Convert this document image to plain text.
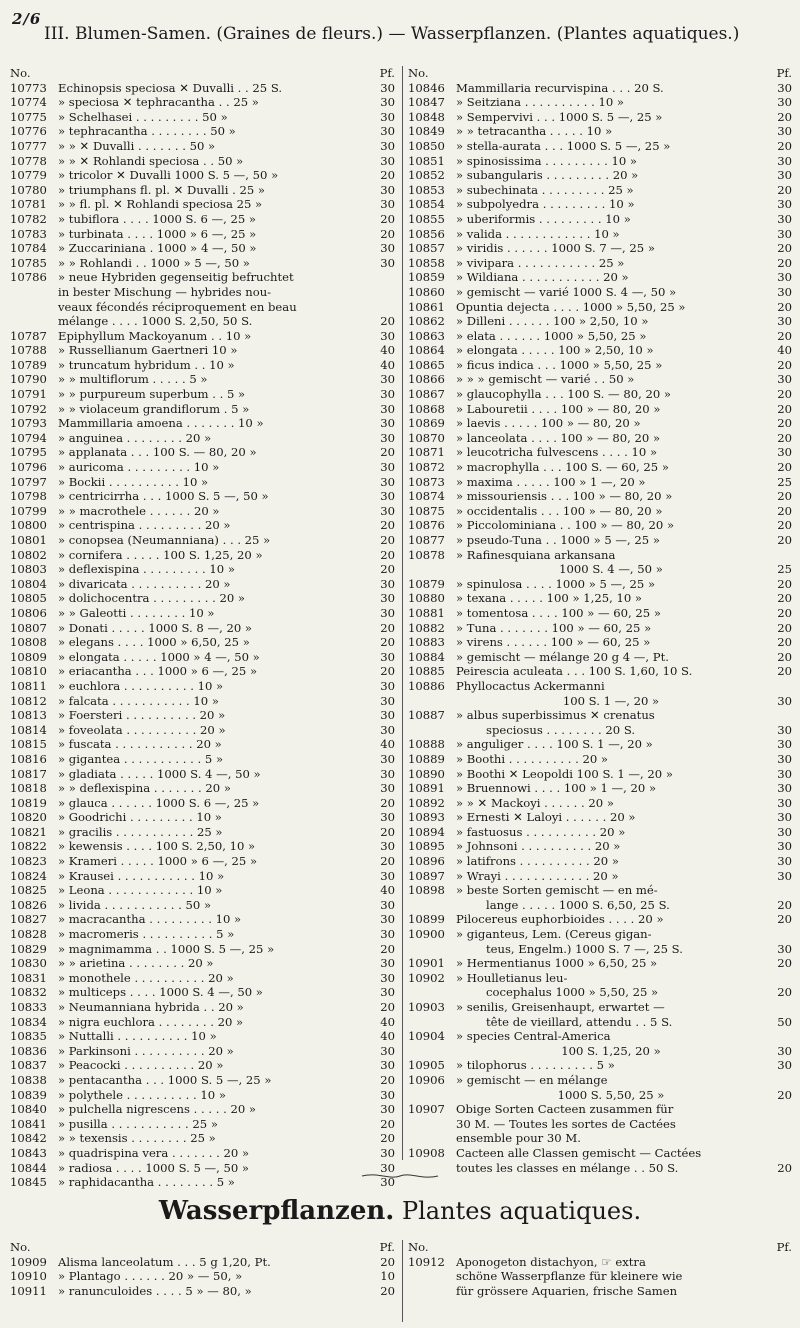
2/6
III. Blumen-Samen. (Graines de fleurs.) — Wasserpflanzen. (Plantes aquatiques.)
No.	Pf.
10773 Echinopsis speciosa ✕ Duvalli . . 25 S.	30
10774 » speciosa ✕ tephracantha . . 25 »	30
10775 » Schelhasei . . . . . . . . . 50 »	30
10776 » tephracantha . . . . . . . . 50 »	30
10777 » » ✕ Duvalli . . . . . . . 50 »	30
10778 » » ✕ Rohlandi speciosa . . 50 »	30
10779 » tricolor ✕ Duvalli 1000 S. 5 —, 50 »	20
10780 » triumphans fl. pl. ✕ Duvalli . 25 »	30
10781 » » fl. pl. ✕ Rohlandi speciosa 25 »	30
10782 » tubiflora . . . . 1000 S. 6 —, 25 »	20
10783 » turbinata . . . . 1000 » 6 —, 25 »	20
10784 » Zuccariniana . 1000 » 4 —, 50 »	30
10785 » » Rohlandi . . 1000 » 5 —, 50 »	30
10786 » neue Hybriden gegenseitig befruchtet
in bester Mischung — hybrides nou-
veaux fécondés réciproquement en beau
mélange . . . . 1000 S. 2,50, 50 S.	20
10787 Epiphyllum Mackoyanum . . 10 »	30
10788 » Russellianum Gaertneri 10 »	40
10789 » truncatum hybridum . . 10 »	40
10790 » » multiflorum . . . . . 5 »	30
10791 » » purpureum superbum . . 5 »	30
10792 » » violaceum grandiflorum . 5 »	30
10793 Mammillaria amoena . . . . . . . 10 »	30
10794 » anguinea . . . . . . . . 20 »	30
10795 » applanata . . . 100 S. — 80, 20 »	20
10796 » auricoma . . . . . . . . . 10 »	30
10797 » Bockii . . . . . . . . . . 10 »	30
10798 » centricirrha . . . 1000 S. 5 —, 50 »	30
10799 » » macrothele . . . . . . 20 »	30
10800 » centrispina . . . . . . . . . 20 »	20
10801 » conopsea (Neumanniana) . . . 25 »	20
10802 » cornifera . . . . . 100 S. 1,25, 20 »	20
10803 » deflexispina . . . . . . . . . 10 »	20
10804 » divaricata . . . . . . . . . . 20 »	30
10805 » dolichocentra . . . . . . . . . 20 »	30
10806 » » Galeotti . . . . . . . . 10 »	30
10807 » Donati . . . . . 1000 S. 8 —, 20 »	20
10808 » elegans . . . . 1000 » 6,50, 25 »	20
10809 » elongata . . . . . 1000 » 4 —, 50 »	30
10810 » eriacantha . . . 1000 » 6 —, 25 »	20
10811 » euchlora . . . . . . . . . . 10 »	30
10812 » falcata . . . . . . . . . . . 10 »	30
10813 » Foersteri . . . . . . . . . . 20 »	30
10814 » foveolata . . . . . . . . . . 20 »	30
10815 » fuscata . . . . . . . . . . . 20 »	40
10816 » gigantea . . . . . . . . . . . 5 »	30
10817 » gladiata . . . . . 1000 S. 4 —, 50 »	30
10818 » » deflexispina . . . . . . . 20 »	30
10819 » glauca . . . . . . 1000 S. 6 —, 25 »	20
10820 » Goodrichi . . . . . . . . . 10 »	30
10821 » gracilis . . . . . . . . . . . 25 »	20
10822 » kewensis . . . . 100 S. 2,50, 10 »	30
10823 » Krameri . . . . . 1000 » 6 —, 25 »	20
10824 » Krausei . . . . . . . . . . . 10 »	30
10825 » Leona . . . . . . . . . . . . 10 »	40
10826 » livida . . . . . . . . . . . 50 »	30
10827 » macracantha . . . . . . . . . 10 »	30
10828 » macromeris . . . . . . . . . . 5 »	30
10829 » magnimamma . . 1000 S. 5 —, 25 »	20
10830 » » arietina . . . . . . . . 20 »	30
10831 » monothele . . . . . . . . . . 20 »	30
10832 » multiceps . . . . 1000 S. 4 —, 50 »	30
10833 » Neumanniana hybrida . . 20 »	20
10834 » nigra euchlora . . . . . . . . 20 »	40
10835 » Nuttalli . . . . . . . . . . 10 »	40
10836 » Parkinsoni . . . . . . . . . . 20 »	30
10837 » Peacocki . . . . . . . . . . 20 »	30
10838 » pentacantha . . . 1000 S. 5 —, 25 »	20
10839 » polythele . . . . . . . . . . 10 »	30
10840 » pulchella nigrescens . . . . . 20 »	30
10841 » pusilla . . . . . . . . . . . 25 »	20
10842 » » texensis . . . . . . . . 25 »	20
10843 » quadrispina vera . . . . . . . 20 »	30
10844 » radiosa . . . . 1000 S. 5 —, 50 »	30
10845 » raphidacantha . . . . . . . . 5 »	30
No.	Pf.
10846 Mammillaria recurvispina . . . 20 S.	30
10847 » Seitziana . . . . . . . . . . 10 »	30
10848 » Sempervivi . . . 1000 S. 5 —, 25 »	20
10849 » » tetracantha . . . . . 10 »	30
10850 » stella-aurata . . . 1000 S. 5 —, 25 »	20
10851 » spinosissima . . . . . . . . . 10 »	30
10852 » subangularis . . . . . . . . . 20 »	30
10853 » subechinata . . . . . . . . . 25 »	20
10854 » subpolyedra . . . . . . . . . 10 »	30
10855 » uberiformis . . . . . . . . . 10 »	30
10856 » valida . . . . . . . . . . . . 10 »	30
10857 » viridis . . . . . . 1000 S. 7 —, 25 »	20
10858 » vivipara . . . . . . . . . . . 25 »	20
10859 » Wildiana . . . . . . . . . . . 20 »	30
10860 » gemischt — varié 1000 S. 4 —, 50 »	30
10861 Opuntia dejecta . . . . 1000 » 5,50, 25 »	20
10862 » Dilleni . . . . . . 100 » 2,50, 10 »	30
10863 » elata . . . . . . 1000 » 5,50, 25 »	20
10864 » elongata . . . . . 100 » 2,50, 10 »	40
10865 » ficus indica . . . 1000 » 5,50, 25 »	20
10866 » » » gemischt — varié . . 50 »	30
10867 » glaucophylla . . . 100 S. — 80, 20 »	20
10868 » Labouretii . . . . 100 » — 80, 20 »	20
10869 » laevis . . . . . 100 » — 80, 20 »	20
10870 » lanceolata . . . . 100 » — 80, 20 »	20
10871 » leucotricha fulvescens . . . . 10 »	30
10872 » macrophylla . . . 100 S. — 60, 25 »	20
10873 » maxima . . . . . 100 » 1 —, 20 »	25
10874 » missouriensis . . . 100 » — 80, 20 »	20
10875 » occidentalis . . . 100 » — 80, 20 »	20
10876 » Piccolominiana . . 100 » — 80, 20 »	20
10877 » pseudo-Tuna . . 1000 » 5 —, 25 »	20
10878 » Rafinesquiana arkansana
1000 S. 4 —, 50 »	25
10879 » spinulosa . . . . 1000 » 5 —, 25 »	20
10880 » texana . . . . . 100 » 1,25, 10 »	20
10881 » tomentosa . . . . 100 » — 60, 25 »	20
10882 » Tuna . . . . . . . 100 » — 60, 25 »	20
10883 » virens . . . . . . 100 » — 60, 25 »	20
10884 » gemischt — mélange 20 g 4 —, Pt.	20
10885 Peirescia aculeata . . . 100 S. 1,60, 10 S.	20
10886 Phyllocactus Ackermanni
100 S. 1 —, 20 »	30
10887 » albus superbissimus ✕ crenatus
speciosus . . . . . . . . 20 S.	30
10888 » anguliger . . . . 100 S. 1 —, 20 »	30
10889 » Boothi . . . . . . . . . . 20 »	30
10890 » Boothi ✕ Leopoldi 100 S. 1 —, 20 »	30
10891 » Bruennowi . . . . 100 » 1 —, 20 »	30
10892 » » ✕ Mackoyi . . . . . . 20 »	30
10893 » Ernesti ✕ Laloyi . . . . . . 20 »	30
10894 » fastuosus . . . . . . . . . . 20 »	30
10895 » Johnsoni . . . . . . . . . . 20 »	30
10896 » latifrons . . . . . . . . . . 20 »	30
10897 » Wrayi . . . . . . . . . . . . 20 »	30
10898 » beste Sorten gemischt — en mé-
lange . . . . . 1000 S. 6,50, 25 S.	20
10899 Pilocereus euphorbioides . . . . 20 »	20
10900 » giganteus, Lem. (Cereus gigan-
teus, Engelm.) 1000 S. 7 —, 25 S.	30
10901 » Hermentianus 1000 » 6,50, 25 »	20
10902 » Houlletianus leu-
cocephalus 1000 » 5,50, 25 »	20
10903 » senilis, Greisenhaupt, erwartet —
tête de vieillard, attendu . . 5 S.	50
10904 » species Central-America
100 S. 1,25, 20 »	30
10905 » tilophorus . . . . . . . . . 5 »	30
10906 » gemischt — en mélange
1000 S. 5,50, 25 »	20
10907 Obige Sorten Cacteen zusammen für
30 M. — Toutes les sortes de Cactées
ensemble pour 30 M.
10908 Cacteen alle Classen gemischt — Cactées
toutes les classes en mélange . . 50 S.	20
Wasserpflanzen. Plantes aquatiques.
No.	Pf.
10909 Alisma lanceolatum . . . 5 g 1,20, Pt.	20
10910 » Plantago . . . . . . 20 » — 50, »	10
10911 » ranunculoides . . . . 5 » — 80, »	20
No.	Pf.
10912 Aponogeton distachyon, ☞ extra
schöne Wasserpflanze für kleinere wie
für grössere Aquarien, frische Samen
